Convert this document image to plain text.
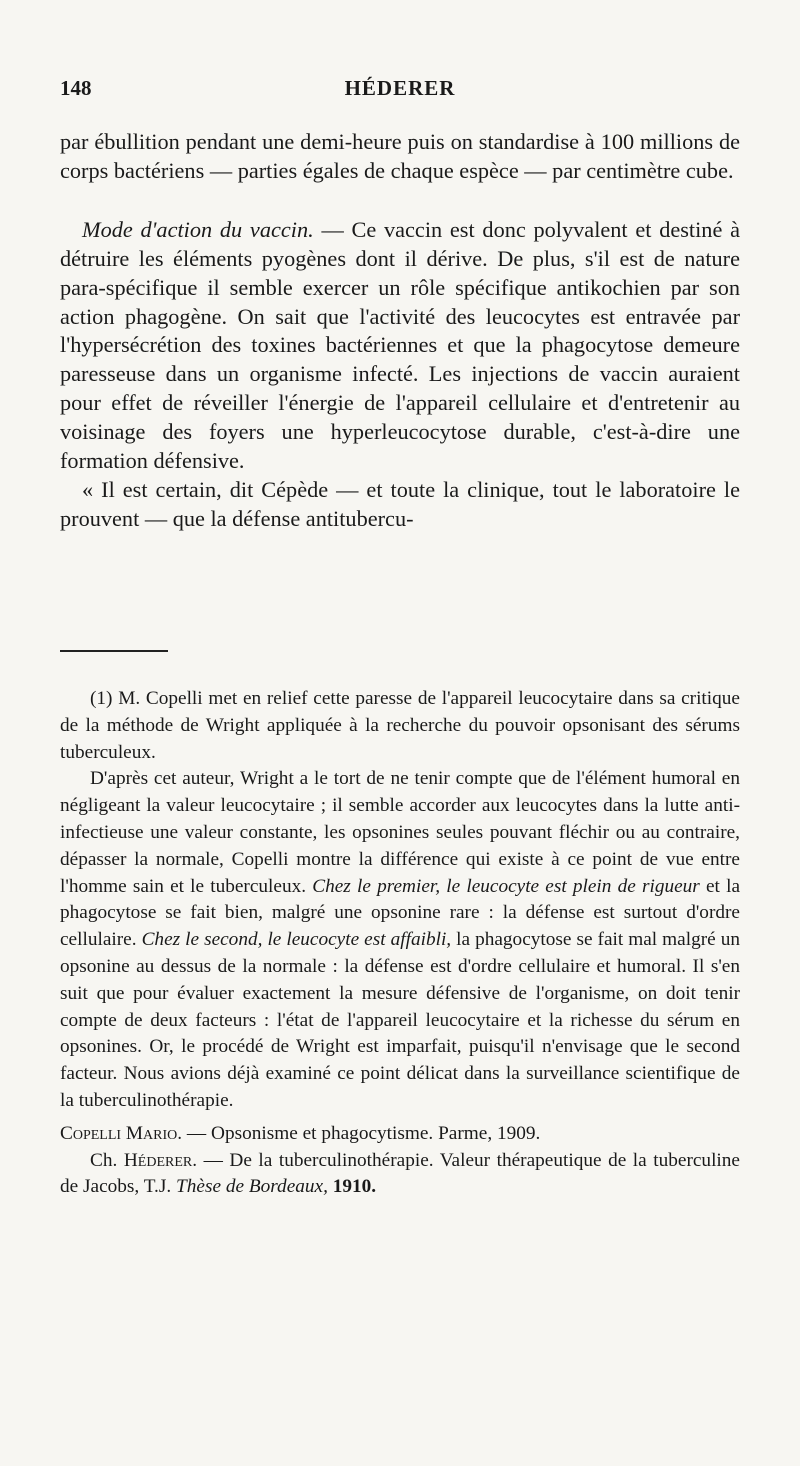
148	HÉDERER

par ébullition pendant une demi-heure puis on standardise à 100 millions de corps bactériens — parties égales de chaque espèce — par centimètre cube.

Mode d'action du vaccin. — Ce vaccin est donc polyvalent et destiné à détruire les éléments pyogènes dont il dérive. De plus, s'il est de nature para-spécifique il semble exercer un rôle spécifique antikochien par son action phagogène. On sait que l'activité des leucocytes est entravée par l'hypersécrétion des toxines bactériennes et que la phagocytose demeure paresseuse dans un organisme infecté. Les injections de vaccin auraient pour effet de réveiller l'énergie de l'appareil cellulaire et d'entretenir au voisinage des foyers une hyperleucocytose durable, c'est-à-dire une formation défensive.

« Il est certain, dit Cépède — et toute la clinique, tout le laboratoire le prouvent — que la défense antitubercu-

(1) M. Copelli met en relief cette paresse de l'appareil leucocytaire dans sa critique de la méthode de Wright appliquée à la recherche du pouvoir opsonisant des sérums tuberculeux.

D'après cet auteur, Wright a le tort de ne tenir compte que de l'élément humoral en négligeant la valeur leucocytaire ; il semble accorder aux leucocytes dans la lutte anti-infectieuse une valeur constante, les opsonines seules pouvant fléchir ou au contraire, dépasser la normale, Copelli montre la différence qui existe à ce point de vue entre l'homme sain et le tuberculeux. Chez le premier, le leucocyte est plein de rigueur et la phagocytose se fait bien, malgré une opsonine rare : la défense est surtout d'ordre cellulaire. Chez le second, le leucocyte est affaibli, la phagocytose se fait mal malgré un opsonine au dessus de la normale : la défense est d'ordre cellulaire et humoral. Il s'en suit que pour évaluer exactement la mesure défensive de l'organisme, on doit tenir compte de deux facteurs : l'état de l'appareil leucocytaire et la richesse du sérum en opsonines. Or, le procédé de Wright est imparfait, puisqu'il n'envisage que le second facteur. Nous avions déjà examiné ce point délicat dans la surveillance scientifique de la tuberculinothérapie.

Copelli Mario. — Opsonisme et phagocytisme. Parme, 1909.

Ch. Héderer. — De la tuberculinothérapie. Valeur thérapeutique de la tuberculine de Jacobs, T.J. Thèse de Bordeaux, 1910.
